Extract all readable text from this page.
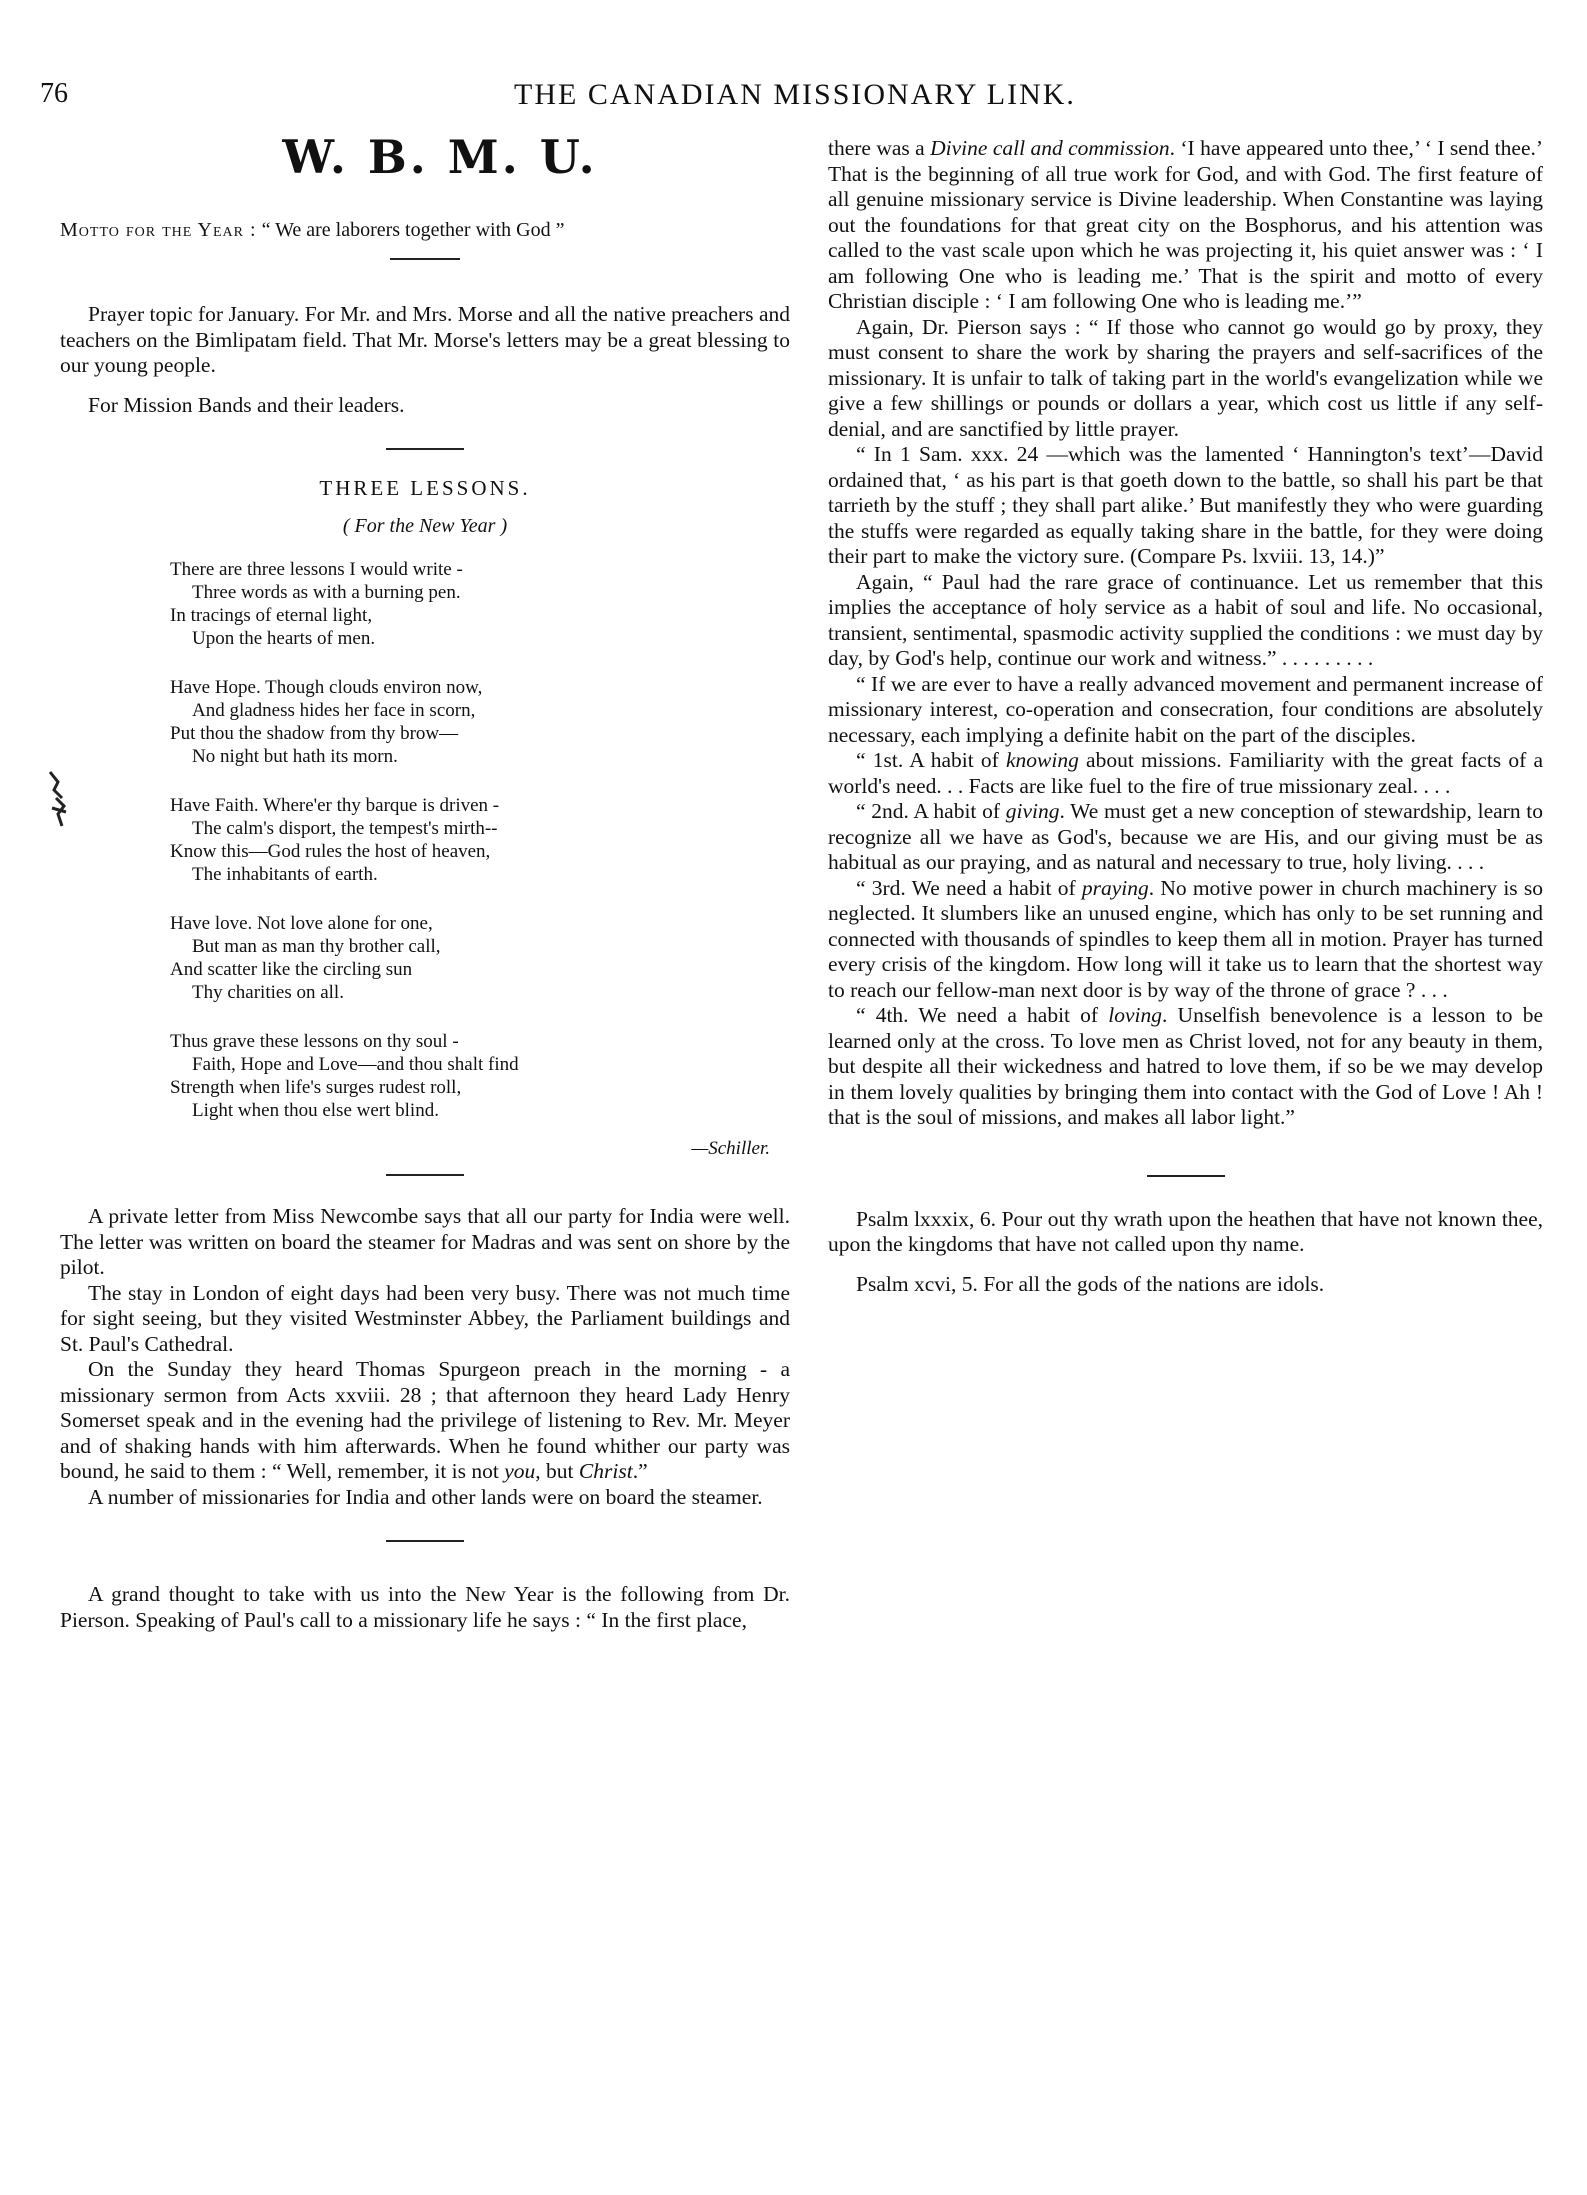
76	THE CANADIAN MISSIONARY LINK.
W. B. M. U.

Motto for the Year : “ We are laborers together with God ”

Prayer topic for January. For Mr. and Mrs. Morse and all the native preachers and teachers on the Bimlipatam field. That Mr. Morse's letters may be a great blessing to our young people.

For Mission Bands and their leaders.

THREE LESSONS.
( For the New Year )
There are three lessons I would write -
Three words as with a burning pen.
In tracings of eternal light,
Upon the hearts of men.
Have Hope. Though clouds environ now,
And gladness hides her face in scorn,
Put thou the shadow from thy brow—
No night but hath its morn.
Have Faith. Where'er thy barque is driven -
The calm's disport, the tempest's mirth--
Know this—God rules the host of heaven,
The inhabitants of earth.
Have love. Not love alone for one,
But man as man thy brother call,
And scatter like the circling sun
Thy charities on all.
Thus grave these lessons on thy soul -
Faith, Hope and Love—and thou shalt find
Strength when life's surges rudest roll,
Light when thou else wert blind.
—Schiller.

A private letter from Miss Newcombe says that all our party for India were well. The letter was written on board the steamer for Madras and was sent on shore by the pilot.

The stay in London of eight days had been very busy. There was not much time for sight seeing, but they visited Westminster Abbey, the Parliament buildings and St. Paul's Cathedral.

On the Sunday they heard Thomas Spurgeon preach in the morning - a missionary sermon from Acts xxviii. 28 ; that afternoon they heard Lady Henry Somerset speak and in the evening had the privilege of listening to Rev. Mr. Meyer and of shaking hands with him afterwards. When he found whither our party was bound, he said to them : “ Well, remember, it is not you, but Christ.”

A number of missionaries for India and other lands were on board the steamer.

A grand thought to take with us into the New Year is the following from Dr. Pierson. Speaking of Paul's call to a missionary life he says : “ In the first place,

there was a Divine call and commission. ‘I have appeared unto thee,’ ‘ I send thee.’ That is the beginning of all true work for God, and with God. The first feature of all genuine missionary service is Divine leadership. When Constantine was laying out the foundations for that great city on the Bosphorus, and his attention was called to the vast scale upon which he was projecting it, his quiet answer was : ‘ I am following One who is leading me.’ That is the spirit and motto of every Christian disciple : ‘ I am following One who is leading me.’”

Again, Dr. Pierson says : “ If those who cannot go would go by proxy, they must consent to share the work by sharing the prayers and self-sacrifices of the missionary. It is unfair to talk of taking part in the world's evangelization while we give a few shillings or pounds or dollars a year, which cost us little if any self-denial, and are sanctified by little prayer.

“ In 1 Sam. xxx. 24 —which was the lamented ‘ Hannington's text’—David ordained that, ‘ as his part is that goeth down to the battle, so shall his part be that tarrieth by the stuff ; they shall part alike.’ But manifestly they who were guarding the stuffs were regarded as equally taking share in the battle, for they were doing their part to make the victory sure. (Compare Ps. lxviii. 13, 14.)”

Again, “ Paul had the rare grace of continuance. Let us remember that this implies the acceptance of holy service as a habit of soul and life. No occasional, transient, sentimental, spasmodic activity supplied the conditions : we must day by day, by God's help, continue our work and witness.” . . . . . . . . .

“ If we are ever to have a really advanced movement and permanent increase of missionary interest, co-operation and consecration, four conditions are absolutely necessary, each implying a definite habit on the part of the disciples.

“ 1st. A habit of knowing about missions. Familiarity with the great facts of a world's need. . . Facts are like fuel to the fire of true missionary zeal. . . .

“ 2nd. A habit of giving. We must get a new conception of stewardship, learn to recognize all we have as God's, because we are His, and our giving must be as habitual as our praying, and as natural and necessary to true, holy living. . . .

“ 3rd. We need a habit of praying. No motive power in church machinery is so neglected. It slumbers like an unused engine, which has only to be set running and connected with thousands of spindles to keep them all in motion. Prayer has turned every crisis of the kingdom. How long will it take us to learn that the shortest way to reach our fellow-man next door is by way of the throne of grace ? . . .

“ 4th. We need a habit of loving. Unselfish benevolence is a lesson to be learned only at the cross. To love men as Christ loved, not for any beauty in them, but despite all their wickedness and hatred to love them, if so be we may develop in them lovely qualities by bringing them into contact with the God of Love ! Ah ! that is the soul of missions, and makes all labor light.”

Psalm lxxxix, 6. Pour out thy wrath upon the heathen that have not known thee, upon the kingdoms that have not called upon thy name.

Psalm xcvi, 5. For all the gods of the nations are idols.
